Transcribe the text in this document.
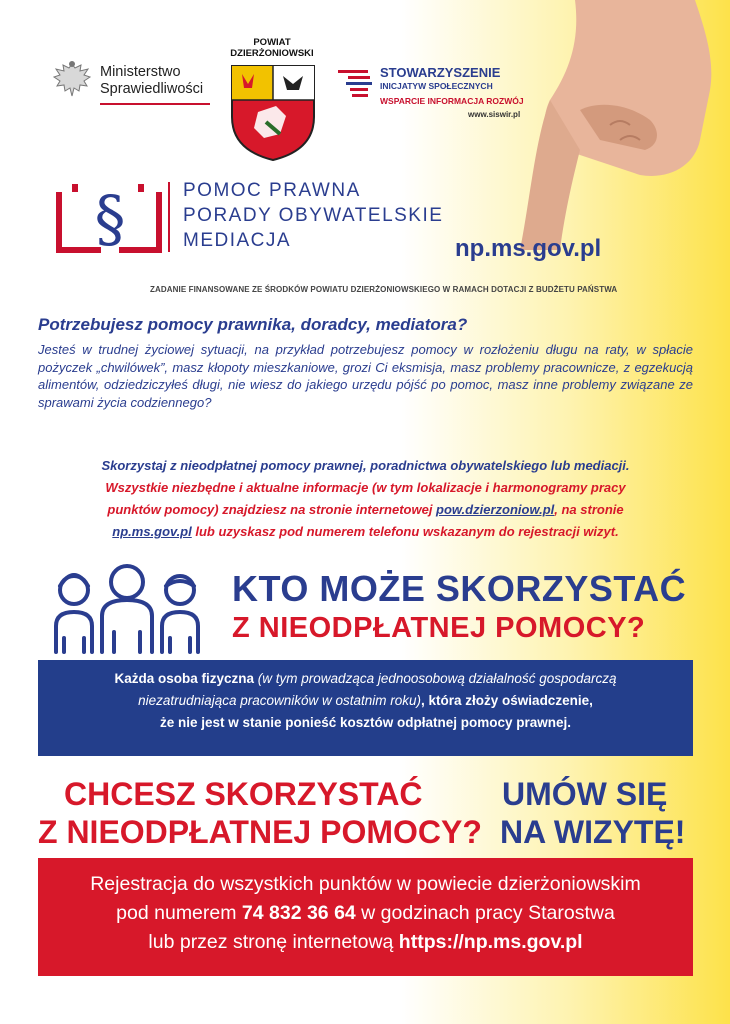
Ministerstwo
Sprawiedliwości
POWIAT
DZIERŻONIOWSKI
STOWARZYSZENIE
INICJATYW SPOŁECZNYCH
WSPARCIE INFORMACJA ROZWÓJ
www.siswir.pl
§	POMOC PRAWNA
PORADY OBYWATELSKIE
MEDIACJA	np.ms.gov.pl
ZADANIE FINANSOWANE ZE ŚRODKÓW POWIATU DZIERŻONIOWSKIEGO W RAMACH DOTACJI Z BUDŻETU PAŃSTWA
Potrzebujesz pomocy prawnika, doradcy, mediatora?
Jesteś w trudnej życiowej sytuacji, na przykład potrzebujesz pomocy w rozłożeniu długu na raty, w spłacie pożyczek „chwilówek”, masz kłopoty mieszkaniowe, grozi Ci eksmisja, masz problemy pracownicze, z egzekucją alimentów, odziedziczyłeś długi, nie wiesz do jakiego urzędu pójść po pomoc, masz inne problemy związane ze sprawami życia codziennego?
Skorzystaj z nieodpłatnej pomocy prawnej, poradnictwa obywatelskiego lub mediacji.
Wszystkie niezbędne i aktualne informacje (w tym lokalizacje i harmonogramy pracy
punktów pomocy) znajdziesz na stronie internetowej pow.dzierzoniow.pl, na stronie
np.ms.gov.pl lub uzyskasz pod numerem telefonu wskazanym do rejestracji wizyt.
KTO MOŻE SKORZYSTAĆ
Z NIEODPŁATNEJ POMOCY?

Każda osoba fizyczna (w tym prowadząca jednoosobową działalność gospodarczą

niezatrudniająca pracowników w ostatnim roku), która złoży oświadczenie,

że nie jest w stanie ponieść kosztów odpłatnej pomocy prawnej.

CHCESZ SKORZYSTAĆ
Z NIEODPŁATNEJ POMOCY?
UMÓW SIĘ
NA WIZYTĘ!

Rejestracja do wszystkich punktów w powiecie dzierżoniowskim

pod numerem 74 832 36 64 w godzinach pracy Starostwa

lub przez stronę internetową https://np.ms.gov.pl
